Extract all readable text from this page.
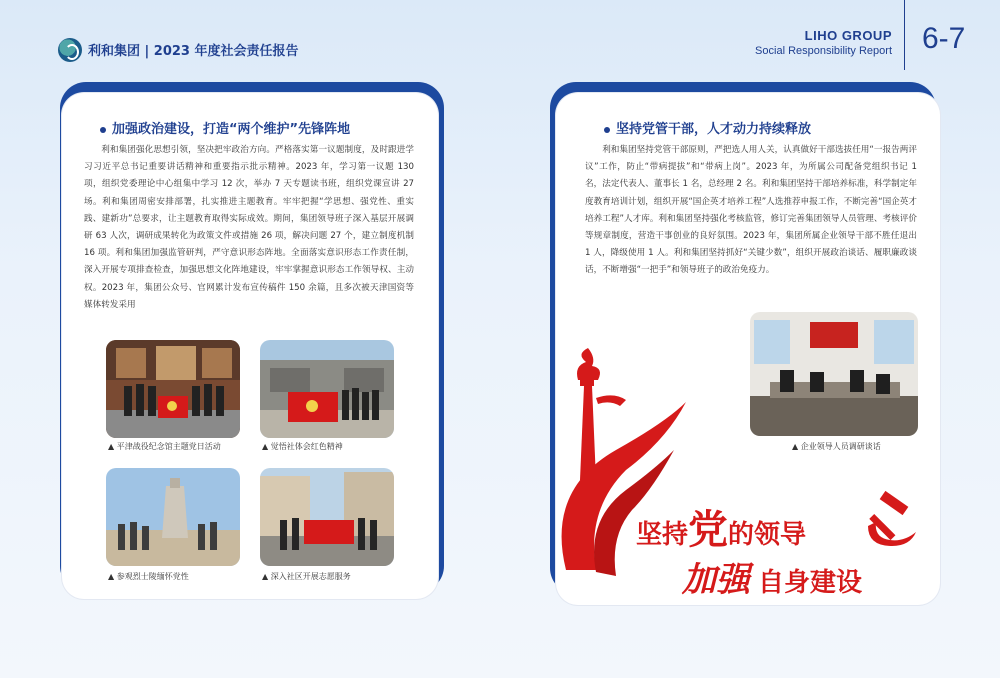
利和集团 | 2023 年度社会责任报告
LIHO GROUP
Social Responsibility Report 6-7
加强政治建设，打造“两个维护”先锋阵地
利和集团强化思想引领，坚决把牢政治方向。严格落实第一议题制度，及时跟进学习习近平总书记重要讲话精神和重要指示批示精神。2023 年，学习第一议题 130 项，组织党委理论中心组集中学习 12 次，举办 7 天专题读书班，组织党课宣讲 27 场。利和集团周密安排部署，扎实推进主题教育。牢牢把握“学思想、强党性、重实践、建新功”总要求，让主题教育取得实际成效。期间，集团领导班子深入基层开展调研 63 人次，调研成果转化为政策文件或措施 26 项，解决问题 27 个，建立制度机制 16 项。利和集团加强监管研判，严守意识形态阵地。全面落实意识形态工作责任制，深入开展专项排查检查，加强思想文化阵地建设，牢牢掌握意识形态工作领导权、主动权。2023 年，集团公众号、官网累计发布宣传稿件 150 余篇，且多次被天津国资等媒体转发采用
▲ 平津战役纪念馆主题党日活动	▲ 觉悟社体会红色精神
▲ 参观烈士陵缅怀党性	▲ 深入社区开展志愿服务
坚持党管干部，人才动力持续释放
利和集团坚持党管干部原则，严把选人用人关，认真做好干部选拔任用“一报告两评议”工作，防止“带病提拔”和“带病上岗”。2023 年，为所属公司配备党组织书记 1 名，法定代表人、董事长 1 名，总经理 2 名。利和集团坚持干部培养标准，科学制定年度教育培训计划，组织开展“国企英才培养工程”人选推荐申报工作，不断完善“国企英才培养工程”人才库。利和集团坚持强化考核监管，修订完善集团领导人员管理、考核评价等规章制度，营造干事创业的良好氛围。2023 年，集团所属企业领导干部不胜任退出 1 人，降级使用 1 人。利和集团坚持抓好“关键少数”，组织开展政治谈话、履职廉政谈话，不断增强“一把手”和领导班子的政治免疫力。
▲ 企业领导人员调研谈话
坚持党的领导
加强 自身建设
